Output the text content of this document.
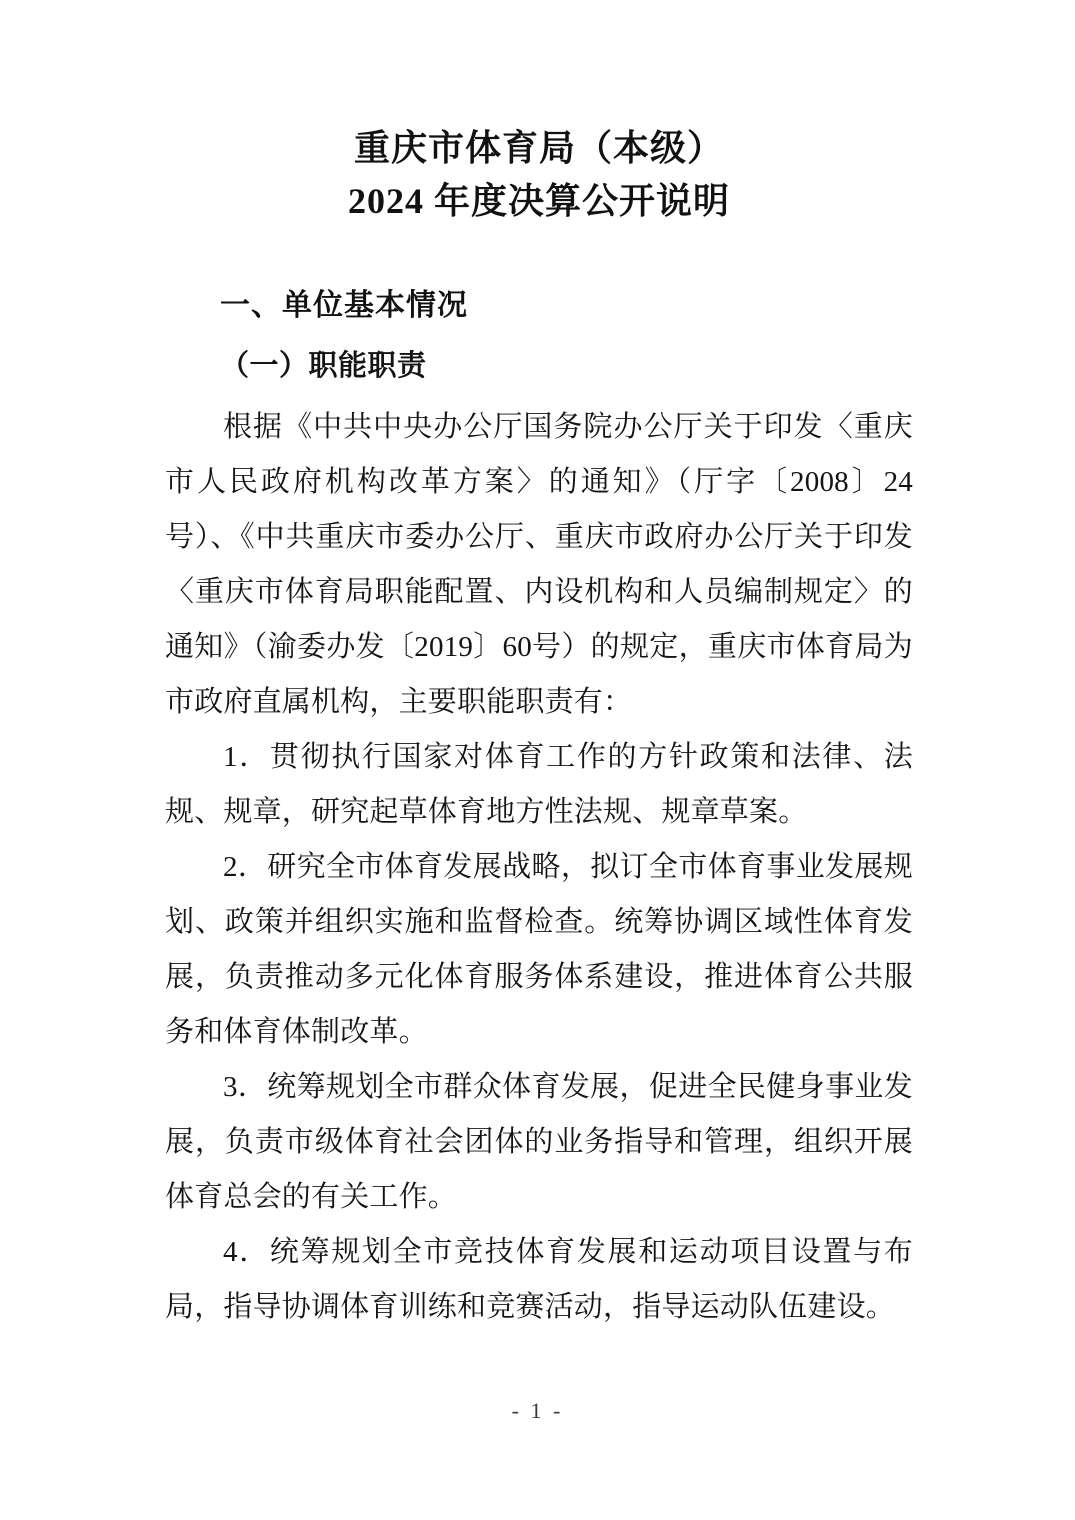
重庆市体育局（本级）
2024 年度决算公开说明
一、单位基本情况
（一）职能职责

根据《中共中央办公厅国务院办公厅关于印发〈重庆市人民政府机构改革方案〉的通知》（厅字〔2008〕24号）、《中共重庆市委办公厅、重庆市政府办公厅关于印发〈重庆市体育局职能配置、内设机构和人员编制规定〉的通知》（渝委办发〔2019〕60号）的规定，重庆市体育局为市政府直属机构，主要职能职责有：

1．贯彻执行国家对体育工作的方针政策和法律、法规、规章，研究起草体育地方性法规、规章草案。

2．研究全市体育发展战略，拟订全市体育事业发展规划、政策并组织实施和监督检查。统筹协调区域性体育发展，负责推动多元化体育服务体系建设，推进体育公共服务和体育体制改革。

3．统筹规划全市群众体育发展，促进全民健身事业发展，负责市级体育社会团体的业务指导和管理，组织开展体育总会的有关工作。

4．统筹规划全市竞技体育发展和运动项目设置与布局，指导协调体育训练和竞赛活动，指导运动队伍建设。

- 1 -
